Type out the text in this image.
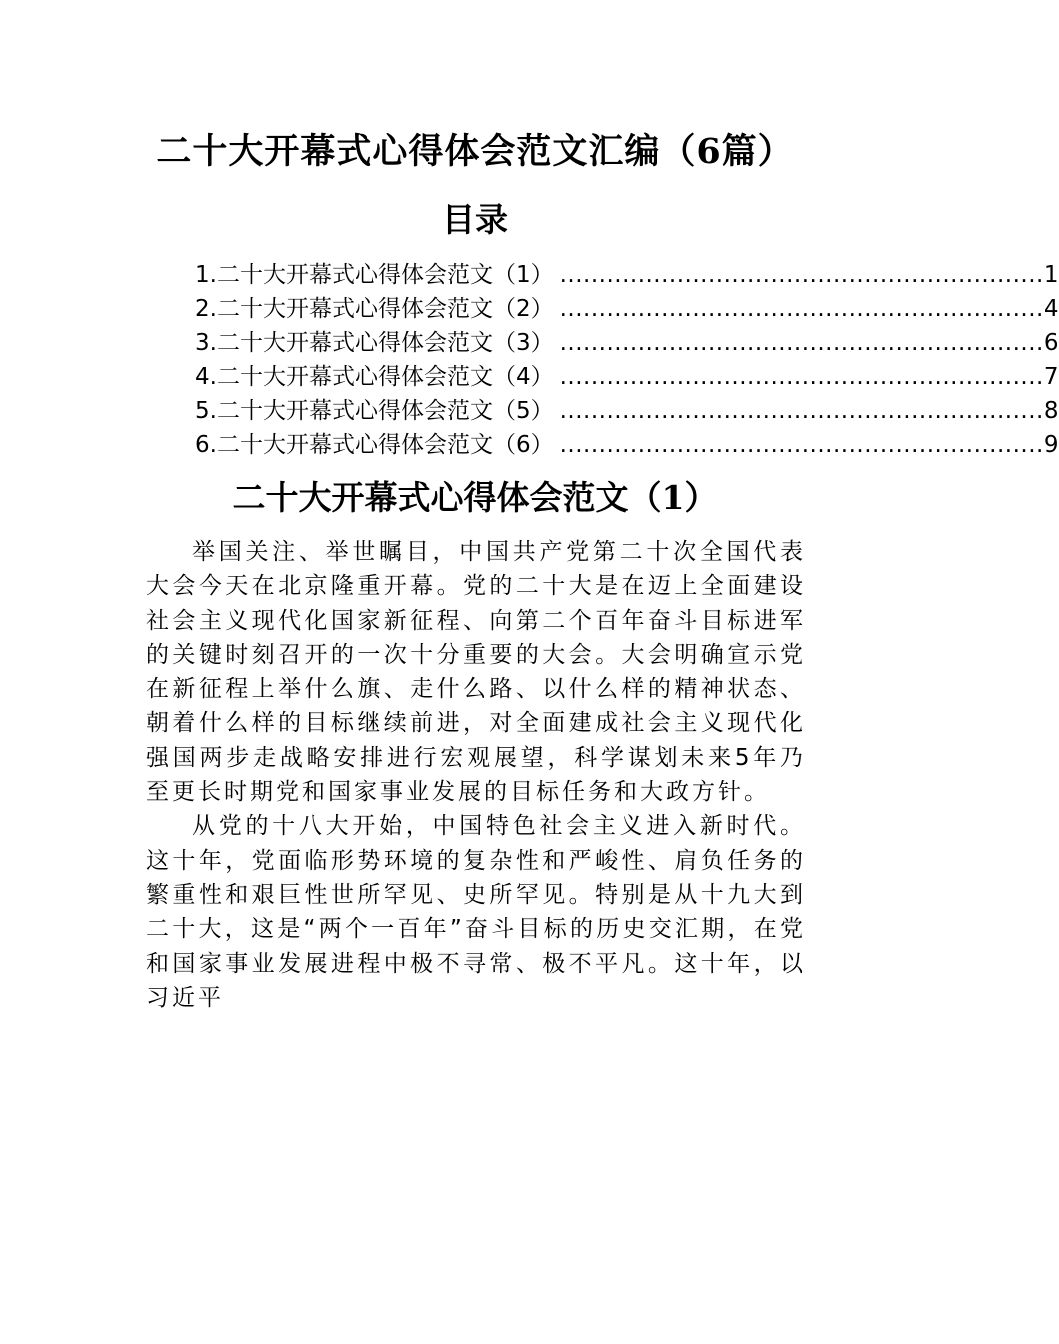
二十大开幕式心得体会范文汇编（6篇）
目录
1.二十大开幕式心得体会范文（1） .............................................................. 1
2.二十大开幕式心得体会范文（2） .............................................................. 4
3.二十大开幕式心得体会范文（3） .............................................................. 6
4.二十大开幕式心得体会范文（4） .............................................................. 7
5.二十大开幕式心得体会范文（5） .............................................................. 8
6.二十大开幕式心得体会范文（6） .............................................................. 9
二十大开幕式心得体会范文（1）

举国关注、举世瞩目，中国共产党第二十次全国代表大会今天在北京隆重开幕。党的二十大是在迈上全面建设社会主义现代化国家新征程、向第二个百年奋斗目标进军的关键时刻召开的一次十分重要的大会。大会明确宣示党在新征程上举什么旗、走什么路、以什么样的精神状态、朝着什么样的目标继续前进，对全面建成社会主义现代化强国两步走战略安排进行宏观展望，科学谋划未来5年乃至更长时期党和国家事业发展的目标任务和大政方针。

从党的十八大开始，中国特色社会主义进入新时代。这十年，党面临形势环境的复杂性和严峻性、肩负任务的繁重性和艰巨性世所罕见、史所罕见。特别是从十九大到二十大，这是“两个一百年”奋斗目标的历史交汇期，在党和国家事业发展进程中极不寻常、极不平凡。这十年，以习近平
